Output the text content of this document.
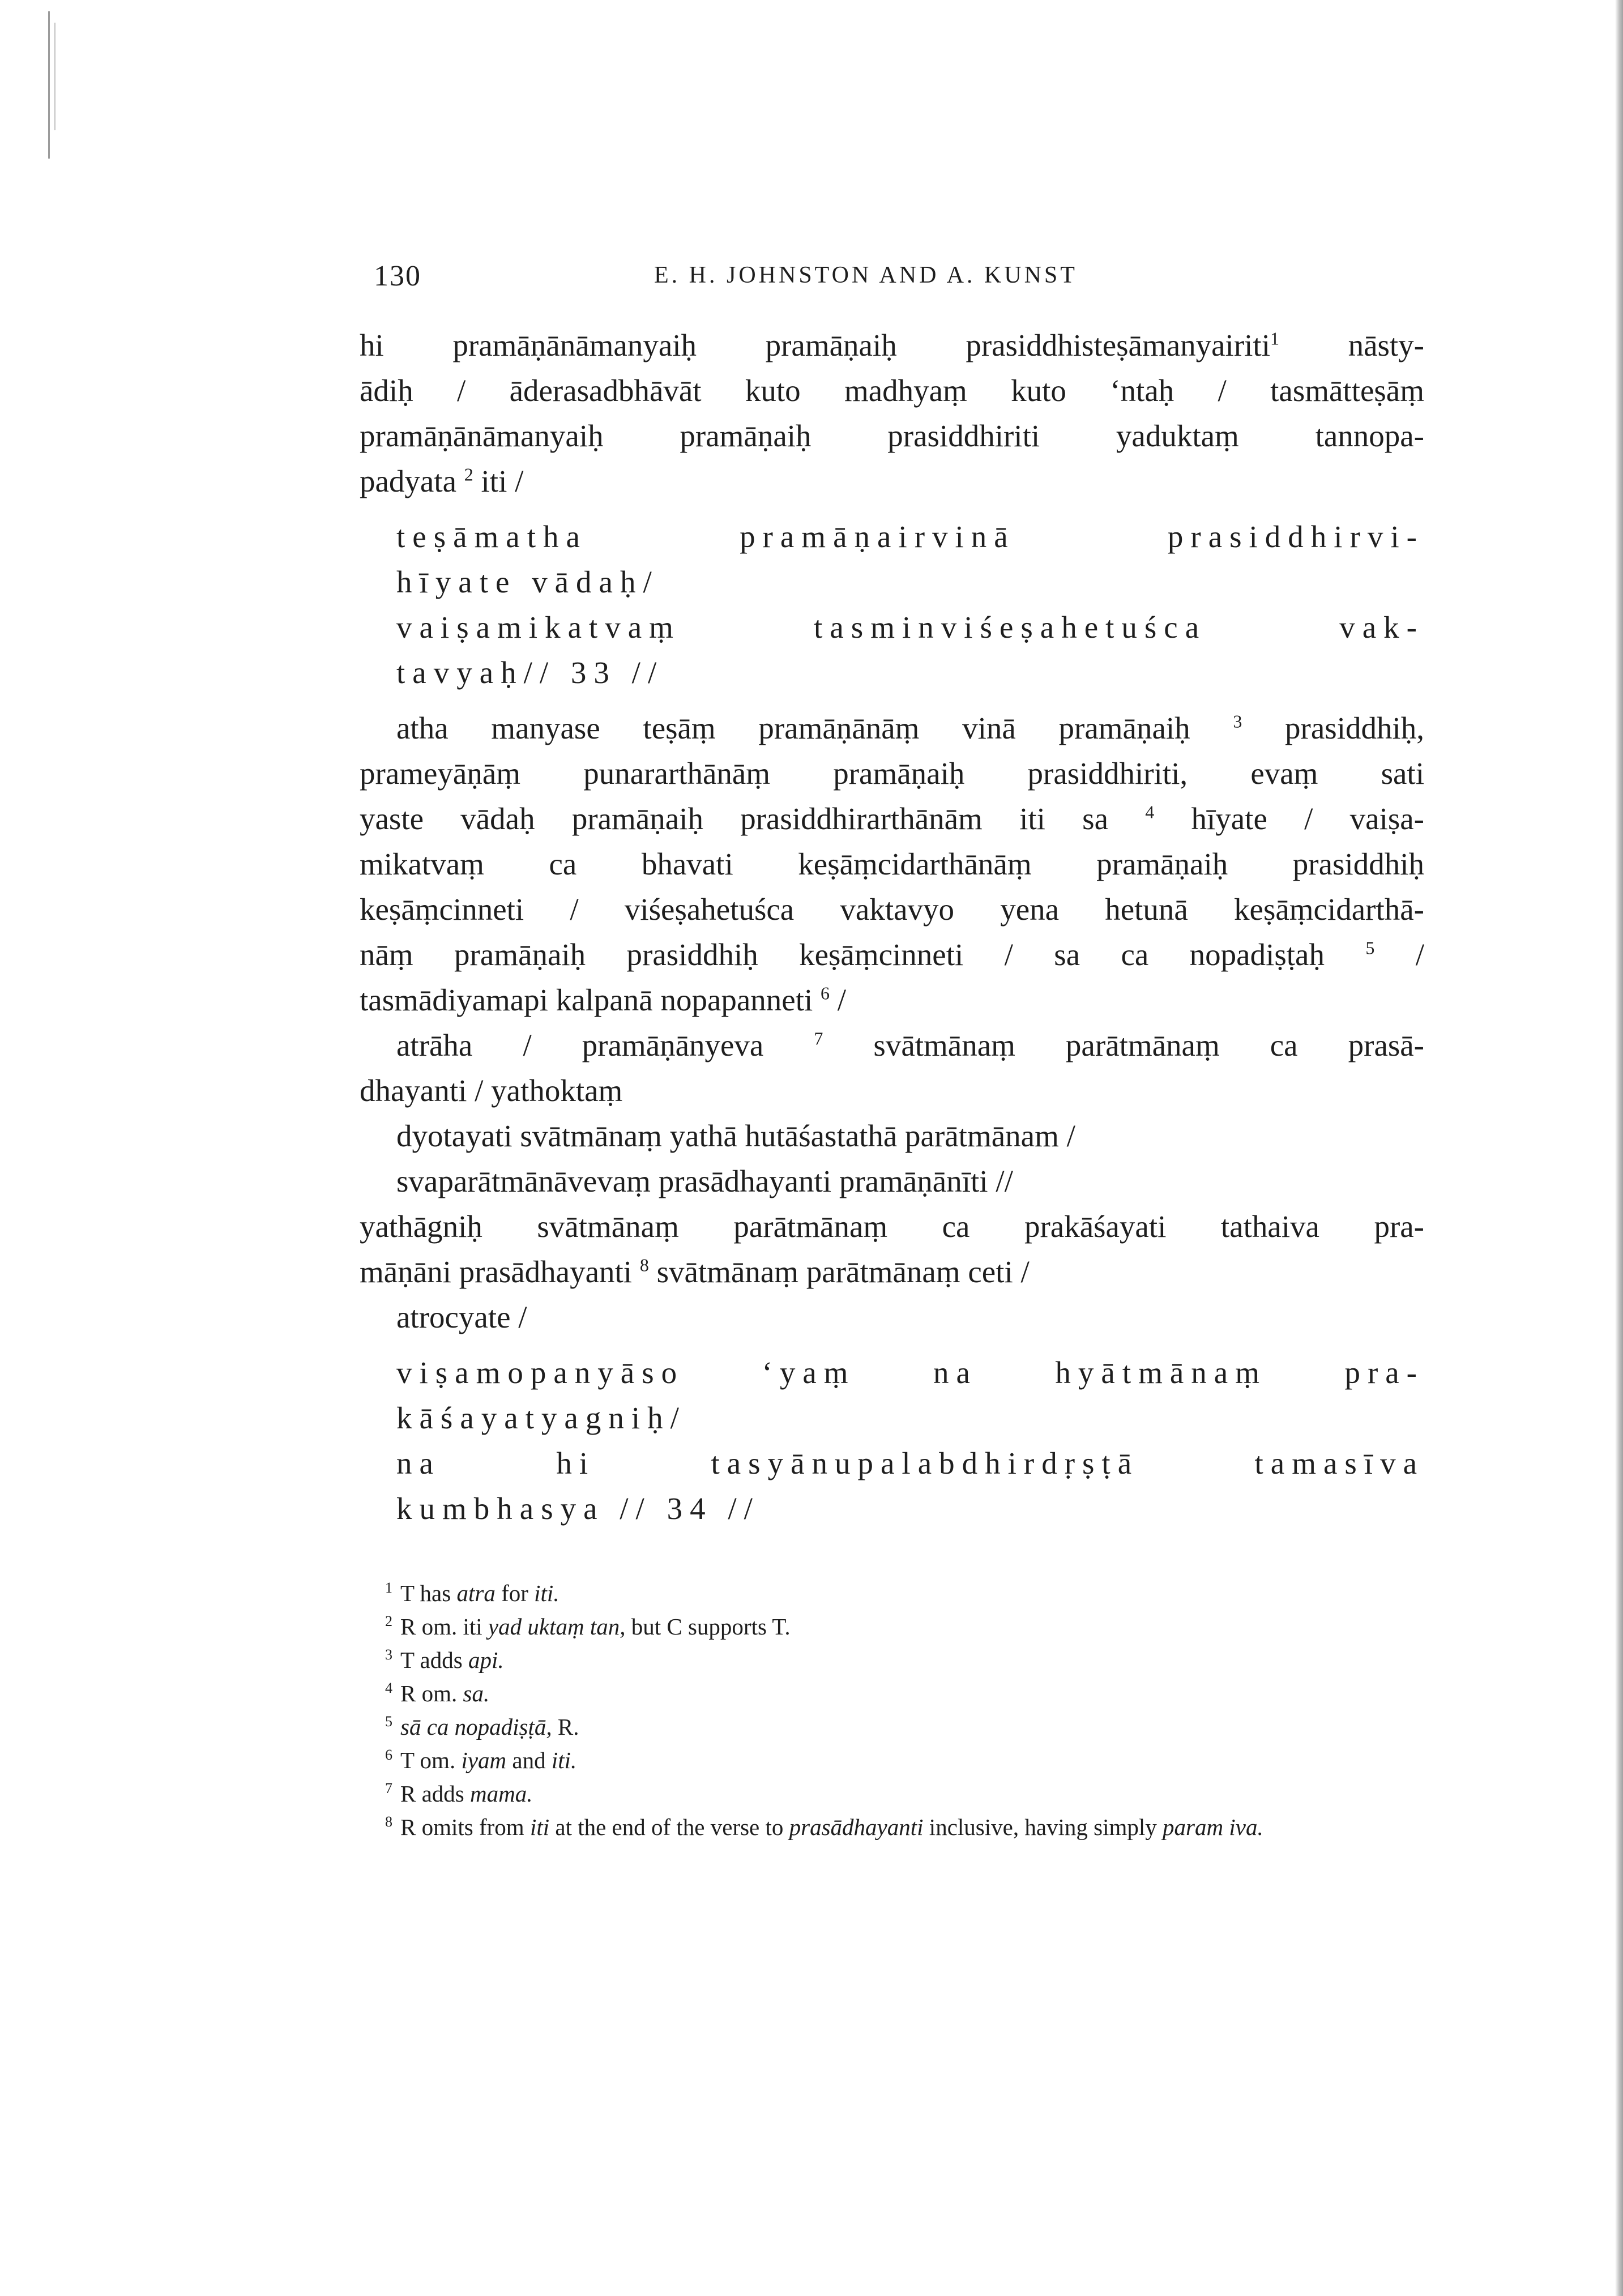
130	E. H. JOHNSTON AND A. KUNST
hi pramāṇānāmanyaiḥ pramāṇaiḥ prasiddhisteṣāmanyairiti$^1$ nāsty-
ādiḥ / āderasadbhāvāt kuto madhyaṃ kuto ‘ntaḥ / tasmātteṣāṃ
pramāṇānāmanyaiḥ pramāṇaiḥ prasiddhiriti yaduktaṃ tannopa-
padyata $^2$ iti /
teṣāmatha pramāṇairvinā prasiddhirvi-
hīyate vādaḥ/
vaiṣamikatvaṃ tasminviśeṣahetuśca vak-
tavyaḥ// 33 //
atha manyase teṣāṃ pramāṇānāṃ vinā pramāṇaiḥ $^3$ prasiddhiḥ,
prameyāṇāṃ punararthānāṃ pramāṇaiḥ prasiddhiriti, evaṃ sati
yaste vādaḥ pramāṇaiḥ prasiddhirarthānām iti sa $^4$ hīyate / vaiṣa-
mikatvaṃ ca bhavati keṣāṃcidarthānāṃ pramāṇaiḥ prasiddhiḥ
keṣāṃcinneti / viśeṣahetuśca vaktavyo yena hetunā keṣāṃcidarthā-
nāṃ pramāṇaiḥ prasiddhiḥ keṣāṃcinneti / sa ca nopadiṣṭaḥ $^5$ /
tasmādiyamapi kalpanā nopapanneti $^6$ /
atrāha / pramāṇānyeva $^7$ svātmānaṃ parātmānaṃ ca prasā-
dhayanti / yathoktaṃ
dyotayati svātmānaṃ yathā hutāśastathā parātmānam /
svaparātmānāvevaṃ prasādhayanti pramāṇānīti //
yathāgniḥ svātmānaṃ parātmānaṃ ca prakāśayati tathaiva pra-
māṇāni prasādhayanti $^8$ svātmānaṃ parātmānaṃ ceti /
atrocyate /
viṣamopanyāso ‘yaṃ na hyātmānaṃ pra-
kāśayatyagniḥ/
na hi tasyānupalabdhirdṛṣṭā tamasīva
kumbhasya // 34 //
$^1$ T has atra for iti.
$^2$ R om. iti yad uktaṃ tan, but C supports T.
$^3$ T adds api.
$^4$ R om. sa.
$^5$ sā ca nopadiṣṭā, R.
$^6$ T om. iyam and iti.
$^7$ R adds mama.
$^8$ R omits from iti at the end of the verse to prasādhayanti inclusive, having simply param iva.
